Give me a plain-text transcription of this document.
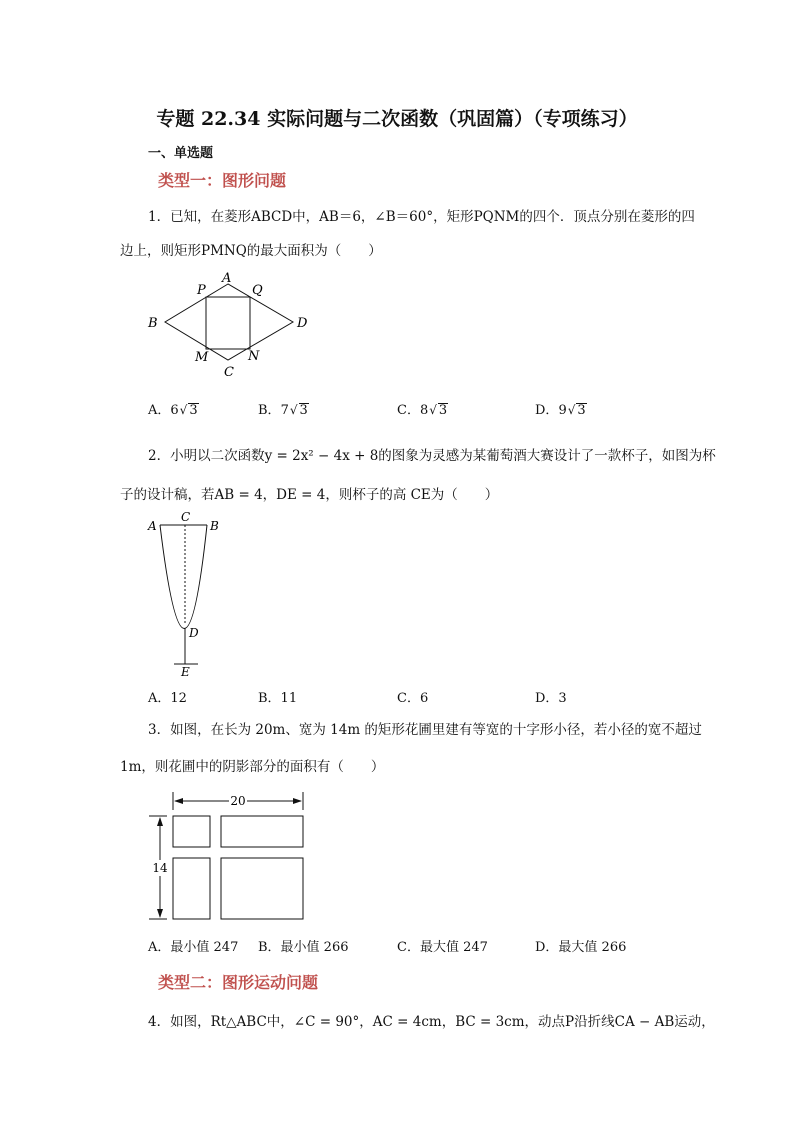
专题 22.34 实际问题与二次函数（巩固篇）（专项练习）
一、单选题
类型一：图形问题
1．已知，在菱形ABCD中，AB＝6，∠B＝60°，矩形PQNM的四个．顶点分别在菱形的四
边上，则矩形PMNQ的最大面积为（　　）
A
B
C
D
P	Q
M	N
A．6√ 3	B．7√ 3	C．8√ 3	D．9√ 3
2．小明以二次函数y = 2x² − 4x + 8的图象为灵感为某葡萄酒大赛设计了一款杯子，如图为杯
子的设计稿，若AB = 4，DE = 4，则杯子的高 CE为（　　）
A	B
C
D
E
A．12	B．11	C．6	D．3
3．如图，在长为 20m、宽为 14m 的矩形花圃里建有等宽的十字形小径，若小径的宽不超过
1m，则花圃中的阴影部分的面积有（　　）
20
14
A．最小值 247 B．最小值 266	C．最大值 247	D．最大值 266
类型二：图形运动问题
4．如图，Rt△ABC中，∠C = 90°，AC = 4cm，BC = 3cm，动点P沿折线CA − AB运动，
